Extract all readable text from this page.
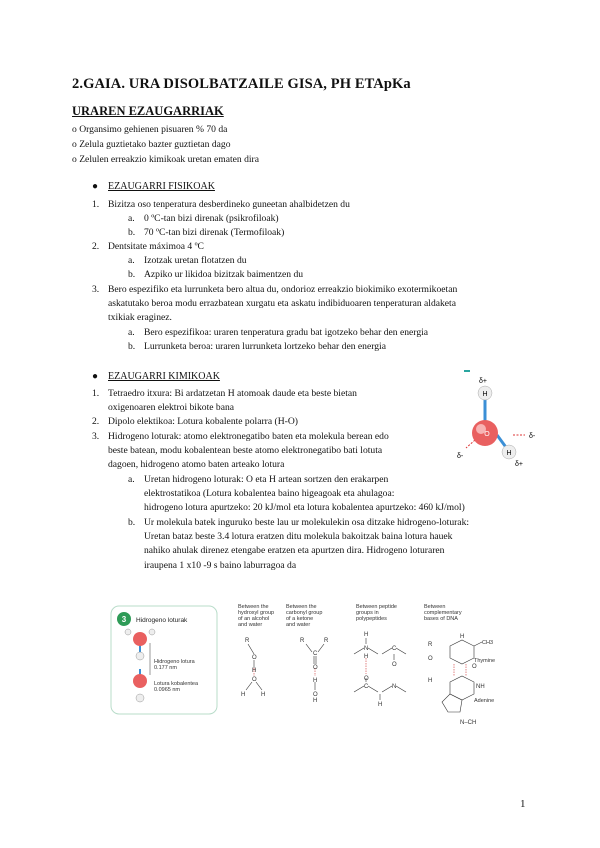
2.GAIA. URA DISOLBATZAILE GISA, PH ETApKa
URAREN EZAUGARRIAK
o Organsimo gehienen pisuaren % 70 da
o Zelula guztietako bazter guztietan dago
o Zelulen erreakzio kimikoak uretan ematen dira
● EZAUGARRI FISIKOAK
1. Bizitza oso tenperatura desberdineko guneetan ahalbidetzen du
a. 0 ºC-tan bizi direnak (psikrofiloak)
b. 70 ºC-tan bizi direnak (Termofiloak)
2. Dentsitate máximoa 4 ºC
a. Izotzak uretan flotatzen du
b. Azpiko ur likidoa bizitzak baimentzen du
3. Bero espezifiko eta lurrunketa bero altua du, ondorioz erreakzio biokimiko exotermikoetan
askatutako beroa modu errazbatean xurgatu eta askatu indibiduoaren tenperaturan aldaketa
txikiak eraginez.
a. Bero espezifikoa: uraren tenperatura gradu bat igotzeko behar den energia
b. Lurrunketa beroa: uraren lurrunketa lortzeko behar den energia
● EZAUGARRI KIMIKOAK
1. Tetraedro itxura: Bi ardatzetan H atomoak daude eta beste bietan
oxigenoaren elektroi bikote bana
2. Dipolo elektikoa: Lotura kobalente polarra (H-O)
3. Hidrogeno loturak: atomo elektronegatibo baten eta molekula berean edo
beste batean, modu kobalentean beste atomo elektronegatibo bati lotuta
dagoen, hidrogeno atomo baten arteako lotura
a. Uretan hidrogeno loturak: O eta H artean sortzen den erakarpen
elektrostatikoa (Lotura kobalentea baino higeagoak eta ahulagoa:
hidrogeno lotura apurtzeko: 20 kJ/mol eta lotura kobalentea apurtzeko: 460 kJ/mol)
b. Ur molekula batek inguruko beste lau ur molekulekin osa ditzake hidrogeno-loturak:
Uretan bataz beste 3.4 lotura eratzen ditu molekula bakoitzak baina lotura hauek
nahiko ahulak direnez etengabe eratzen eta apurtzen dira. Hidrogeno loturaren
iraupena 1 x10 -9 s baino laburragoa da
H
H
O
δ+
δ+
δ-
δ-
3 Hidrogeno loturak
Hidrogeno lotura
0.177 nm
Lotura kobalentea
0.0965 nm
Between the
hydroxyl group
of an alcohol
and water
Between the
carbonyl group
of a ketone
and water
Between peptide
groups in
polypeptides
Between
complementary
bases of DNA
R
O
H
O
H	H
R	R
C
O
H
O
H
H
N	C
O
H
O
C	N
H
R
H
O
O
H
NH
N–CH
CH3
Thymine
Adenine
1
